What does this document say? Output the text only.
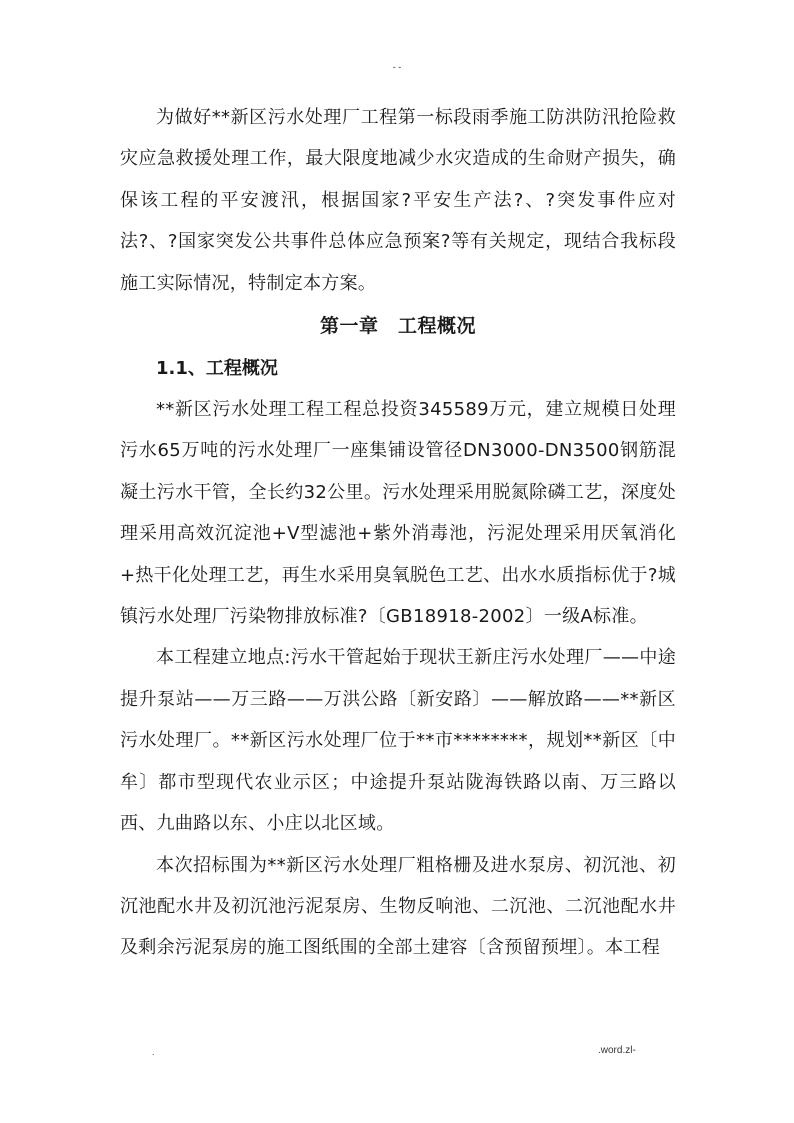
- -

为做好**新区污水处理厂工程第一标段雨季施工防洪防汛抢险救灾应急救援处理工作，最大限度地减少水灾造成的生命财产损失，确保该工程的平安渡汛，根据国家?平安生产法?、?突发事件应对法?、?国家突发公共事件总体应急预案?等有关规定，现结合我标段施工实际情况，特制定本方案。

第一章　工程概况
1.1、工程概况

**新区污水处理工程工程总投资345589万元，建立规模日处理污水65万吨的污水处理厂一座集铺设管径DN3000-DN3500钢筋混凝土污水干管，全长约32公里。污水处理采用脱氮除磷工艺，深度处理采用高效沉淀池+V型滤池+紫外消毒池，污泥处理采用厌氧消化+热干化处理工艺，再生水采用臭氧脱色工艺、出水水质指标优于?城镇污水处理厂污染物排放标准?〔GB18918-2002〕一级A标准。

本工程建立地点:污水干管起始于现状王新庄污水处理厂——中途提升泵站——万三路——万洪公路〔新安路〕——解放路——**新区污水处理厂。**新区污水处理厂位于**市********，规划**新区〔中牟〕都市型现代农业示区；中途提升泵站陇海铁路以南、万三路以西、九曲路以东、小庄以北区域。

本次招标围为**新区污水处理厂粗格栅及进水泵房、初沉池、初沉池配水井及初沉池污泥泵房、生物反响池、二沉池、二沉池配水井及剩余污泥泵房的施工图纸围的全部土建容〔含预留预埋〕。本工程

.	.word.zl-
